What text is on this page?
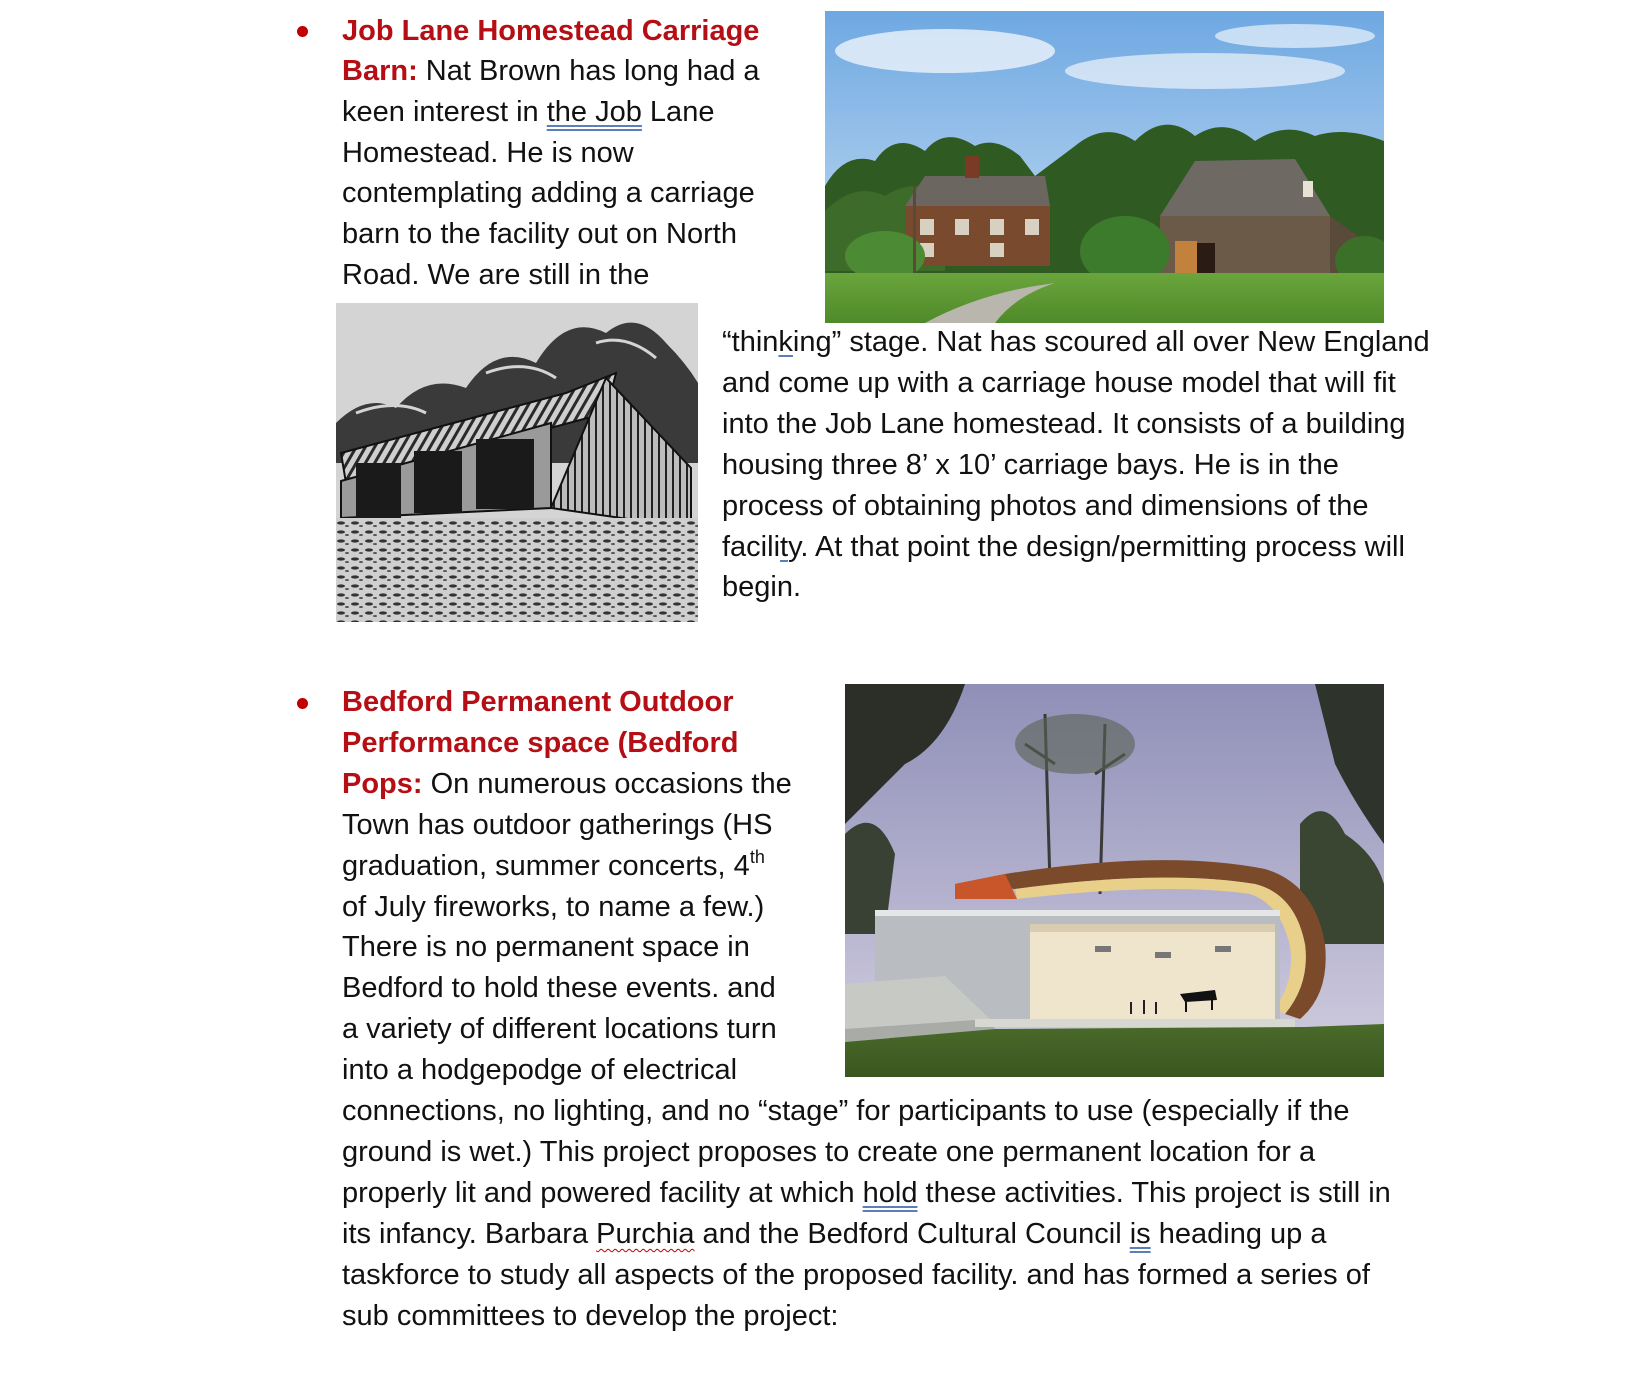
Job Lane Homestead Carriage
Barn: Nat Brown has long had a
keen interest in the Job Lane
Homestead. He is now
contemplating adding a carriage
barn to the facility out on North
Road. We are still in the
“thinking” stage. Nat has scoured all over New England
and come up with a carriage house model that will fit
into the Job Lane homestead. It consists of a building
housing three 8’ x 10’ carriage bays. He is in the
process of obtaining photos and dimensions of the
facility. At that point the design/permitting process will
begin.
Bedford Permanent Outdoor
Performance space (Bedford
Pops: On numerous occasions the
Town has outdoor gatherings (HS
graduation, summer concerts, 4th
of July fireworks, to name a few.)
There is no permanent space in
Bedford to hold these events. and
a variety of different locations turn
into a hodgepodge of electrical
connections, no lighting, and no “stage” for participants to use (especially if the
ground is wet.) This project proposes to create one permanent location for a
properly lit and powered facility at which hold these activities. This project is still in
its infancy. Barbara Purchia and the Bedford Cultural Council is heading up a
taskforce to study all aspects of the proposed facility. and has formed a series of
sub committees to develop the project:
